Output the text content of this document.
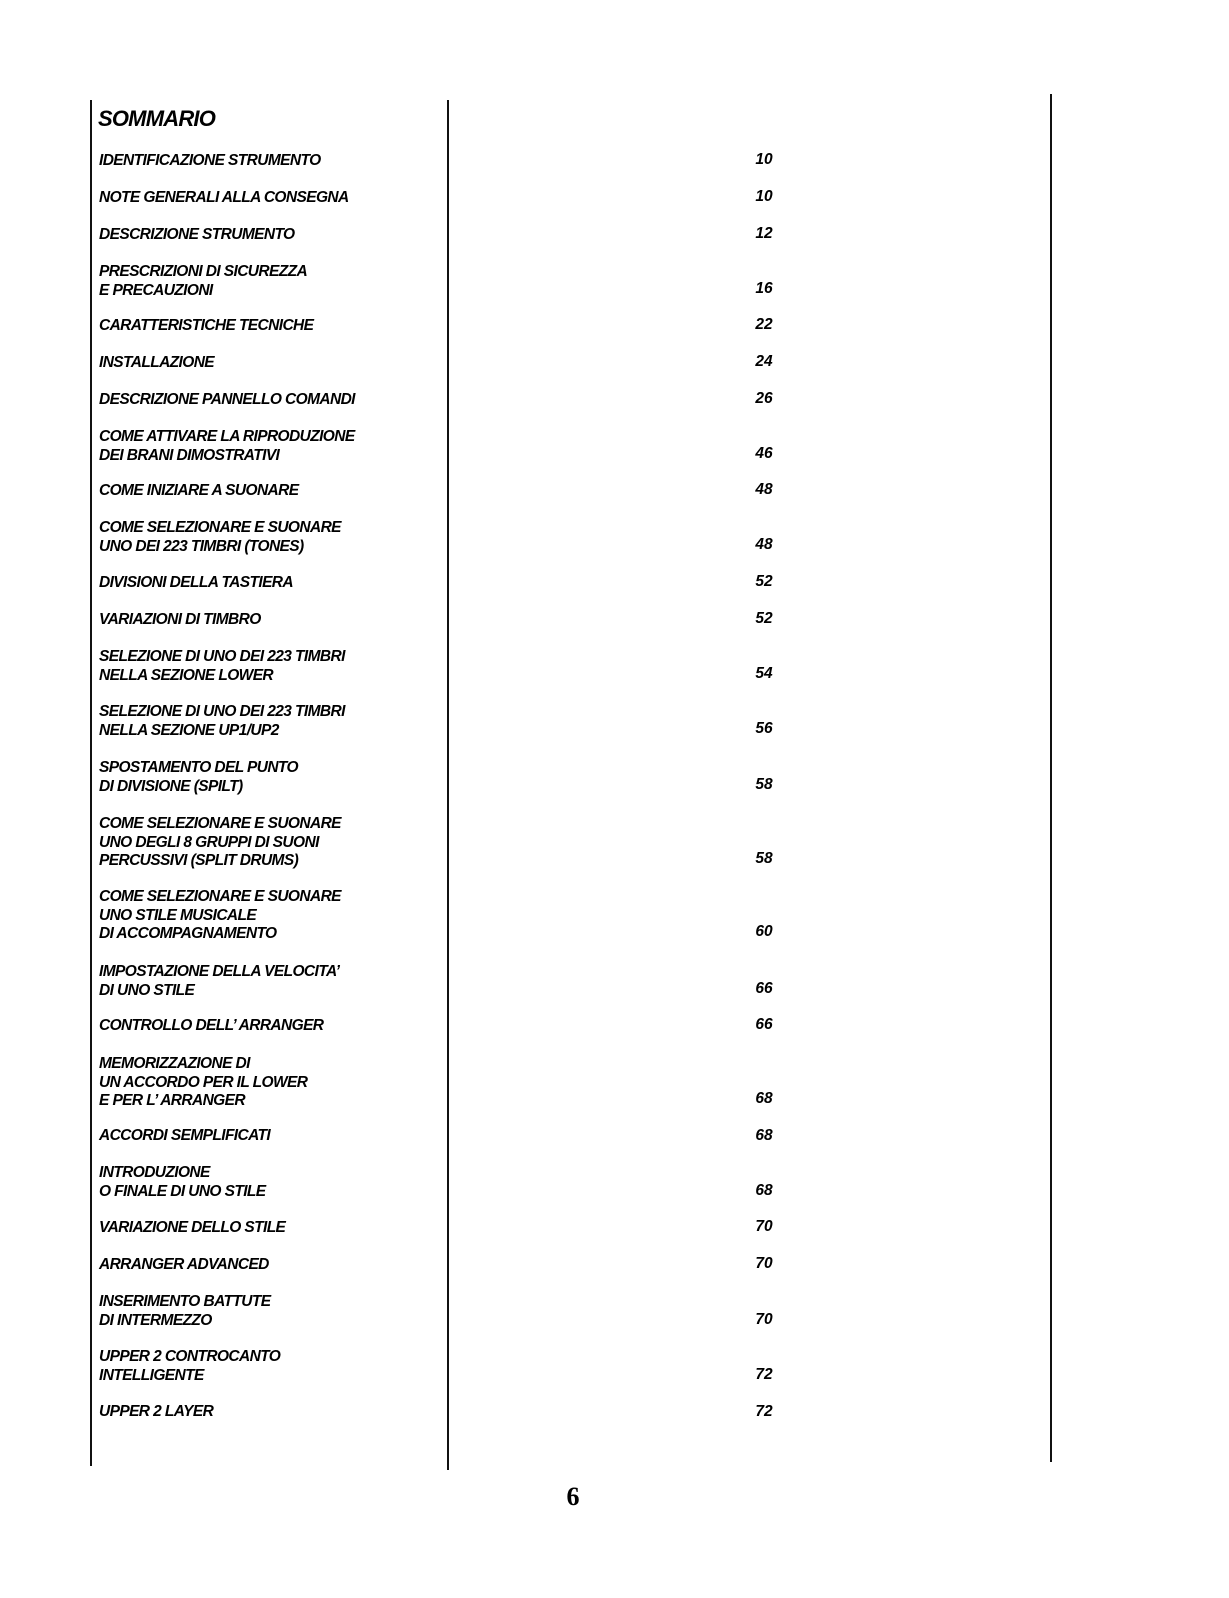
SOMMARIO
IDENTIFICAZIONE STRUMENTO	10
NOTE GENERALI ALLA CONSEGNA	10
DESCRIZIONE STRUMENTO	12
PRESCRIZIONI DI SICUREZZA
E PRECAUZIONI	16
CARATTERISTICHE TECNICHE	22
INSTALLAZIONE	24
DESCRIZIONE PANNELLO COMANDI	26
COME ATTIVARE LA RIPRODUZIONE
DEI BRANI DIMOSTRATIVI	46
COME INIZIARE A SUONARE	48
COME SELEZIONARE E SUONARE
UNO DEI 223 TIMBRI (TONES)	48
DIVISIONI DELLA TASTIERA	52
VARIAZIONI DI TIMBRO	52
SELEZIONE DI UNO DEI 223 TIMBRI
NELLA SEZIONE LOWER	54
SELEZIONE DI UNO DEI 223 TIMBRI
NELLA SEZIONE UP1/UP2	56
SPOSTAMENTO DEL PUNTO
DI DIVISIONE (SPILT)	58
COME SELEZIONARE E SUONARE
UNO DEGLI 8 GRUPPI DI SUONI
PERCUSSIVI (SPLIT DRUMS)	58
COME SELEZIONARE E SUONARE
UNO STILE MUSICALE
DI ACCOMPAGNAMENTO	60
IMPOSTAZIONE DELLA VELOCITA’
DI UNO STILE	66
CONTROLLO DELL’ ARRANGER	66
MEMORIZZAZIONE DI
UN ACCORDO PER IL LOWER
E PER L’ ARRANGER	68
ACCORDI SEMPLIFICATI	68
INTRODUZIONE
O FINALE DI UNO STILE	68
VARIAZIONE DELLO STILE	70
ARRANGER ADVANCED	70
INSERIMENTO BATTUTE
DI INTERMEZZO	70
UPPER 2 CONTROCANTO
INTELLIGENTE	72
UPPER 2 LAYER	72
6
